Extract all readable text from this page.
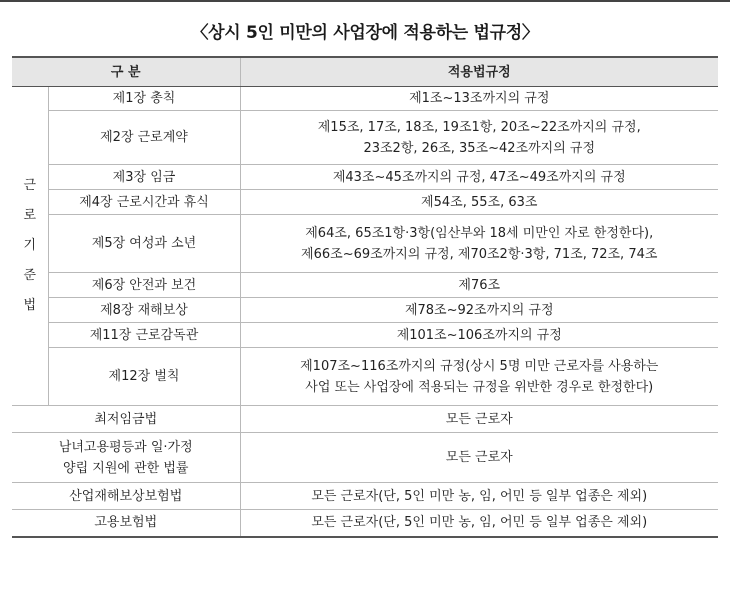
〈상시 5인 미만의 사업장에 적용하는 법규정〉
구 분		적용법규정
근
로
기
준
법	제1장 총칙	제1조~13조까지의 규정
	제2장 근로계약	제15조, 17조, 18조, 19조1항, 20조~22조까지의 규정,
23조2항, 26조, 35조~42조까지의 규정
	제3장 임금	제43조~45조까지의 규정, 47조~49조까지의 규정
	제4장 근로시간과 휴식	제54조, 55조, 63조
	제5장 여성과 소년	제64조, 65조1항·3항(임산부와 18세 미만인 자로 한정한다),
제66조~69조까지의 규정, 제70조2항·3항, 71조, 72조, 74조
	제6장 안전과 보건	제76조
	제8장 재해보상	제78조~92조까지의 규정
	제11장 근로감독관	제101조~106조까지의 규정
	제12장 벌칙	제107조~116조까지의 규정(상시 5명 미만 근로자를 사용하는
사업 또는 사업장에 적용되는 규정을 위반한 경우로 한정한다)
최저임금법		모든 근로자
남녀고용평등과 일·가정
양립 지원에 관한 법률		모든 근로자
산업재해보상보험법		모든 근로자(단, 5인 미만 농, 임, 어민 등 일부 업종은 제외)
고용보험법		모든 근로자(단, 5인 미만 농, 임, 어민 등 일부 업종은 제외)
